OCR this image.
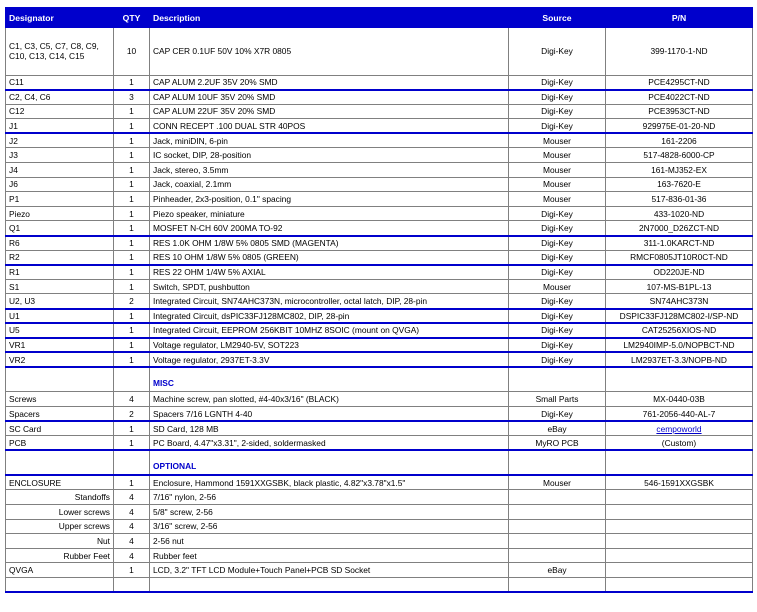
Designator	QTY	Description	Source	P/N
C1, C3, C5, C7, C8, C9, C10, C13, C14, C15	10	CAP CER 0.1UF 50V 10% X7R 0805	Digi-Key	399-1170-1-ND
C11	1	CAP ALUM 2.2UF 35V 20% SMD	Digi-Key	PCE4295CT-ND
C2, C4, C6	3	CAP ALUM 10UF 35V 20% SMD	Digi-Key	PCE4022CT-ND
C12	1	CAP ALUM 22UF 35V 20% SMD	Digi-Key	PCE3953CT-ND
J1	1	CONN RECEPT .100 DUAL STR 40POS	Digi-Key	929975E-01-20-ND
J2	1	Jack, miniDIN, 6-pin	Mouser	161-2206
J3	1	IC socket, DIP, 28-position	Mouser	517-4828-6000-CP
J4	1	Jack, stereo, 3.5mm	Mouser	161-MJ352-EX
J6	1	Jack, coaxial, 2.1mm	Mouser	163-7620-E
P1	1	Pinheader, 2x3-position, 0.1" spacing	Mouser	517-836-01-36
Piezo	1	Piezo speaker, miniature	Digi-Key	433-1020-ND
Q1	1	MOSFET N-CH 60V 200MA TO-92	Digi-Key	2N7000_D26ZCT-ND
R6	1	RES 1.0K OHM 1/8W 5% 0805 SMD (MAGENTA)	Digi-Key	311-1.0KARCT-ND
R2	1	RES 10 OHM 1/8W 5% 0805 (GREEN)	Digi-Key	RMCF0805JT10R0CT-ND
R1	1	RES 22 OHM 1/4W 5% AXIAL	Digi-Key	OD220JE-ND
S1	1	Switch, SPDT, pushbutton	Mouser	107-MS-B1PL-13
U2, U3	2	Integrated Circuit, SN74AHC373N, microcontroller, octal latch, DIP, 28-pin	Digi-Key	SN74AHC373N
U1	1	Integrated Circuit, dsPIC33FJ128MC802, DIP, 28-pin	Digi-Key	DSPIC33FJ128MC802-I/SP-ND
U5	1	Integrated Circuit, EEPROM 256KBIT 10MHZ 8SOIC (mount on QVGA)	Digi-Key	CAT25256XIOS-ND
VR1	1	Voltage regulator, LM2940-5V, SOT223	Digi-Key	LM2940IMP-5.0/NOPBCT-ND
VR2	1	Voltage regulator, 2937ET-3.3V	Digi-Key	LM2937ET-3.3/NOPB-ND
		MISC		
Screws	4	Machine screw, pan slotted, #4-40x3/16" (BLACK)	Small Parts	MX-0440-03B
Spacers	2	Spacers 7/16 LGNTH 4-40	Digi-Key	761-2056-440-AL-7
SC Card	1	SD Card, 128 MB	eBay	cempoworld
PCB	1	PC Board, 4.47"x3.31", 2-sided, soldermasked	MyRO PCB	(Custom)
		OPTIONAL		
ENCLOSURE	1	Enclosure, Hammond 1591XXGSBK, black plastic, 4.82"x3.78"x1.5"	Mouser	546-1591XXGSBK
Standoffs	4	7/16" nylon, 2-56		
Lower screws	4	5/8" screw, 2-56		
Upper screws	4	3/16" screw, 2-56		
Nut	4	2-56 nut		
Rubber Feet	4	Rubber feet		
QVGA	1	LCD, 3.2" TFT LCD Module+Touch Panel+PCB SD Socket	eBay	
